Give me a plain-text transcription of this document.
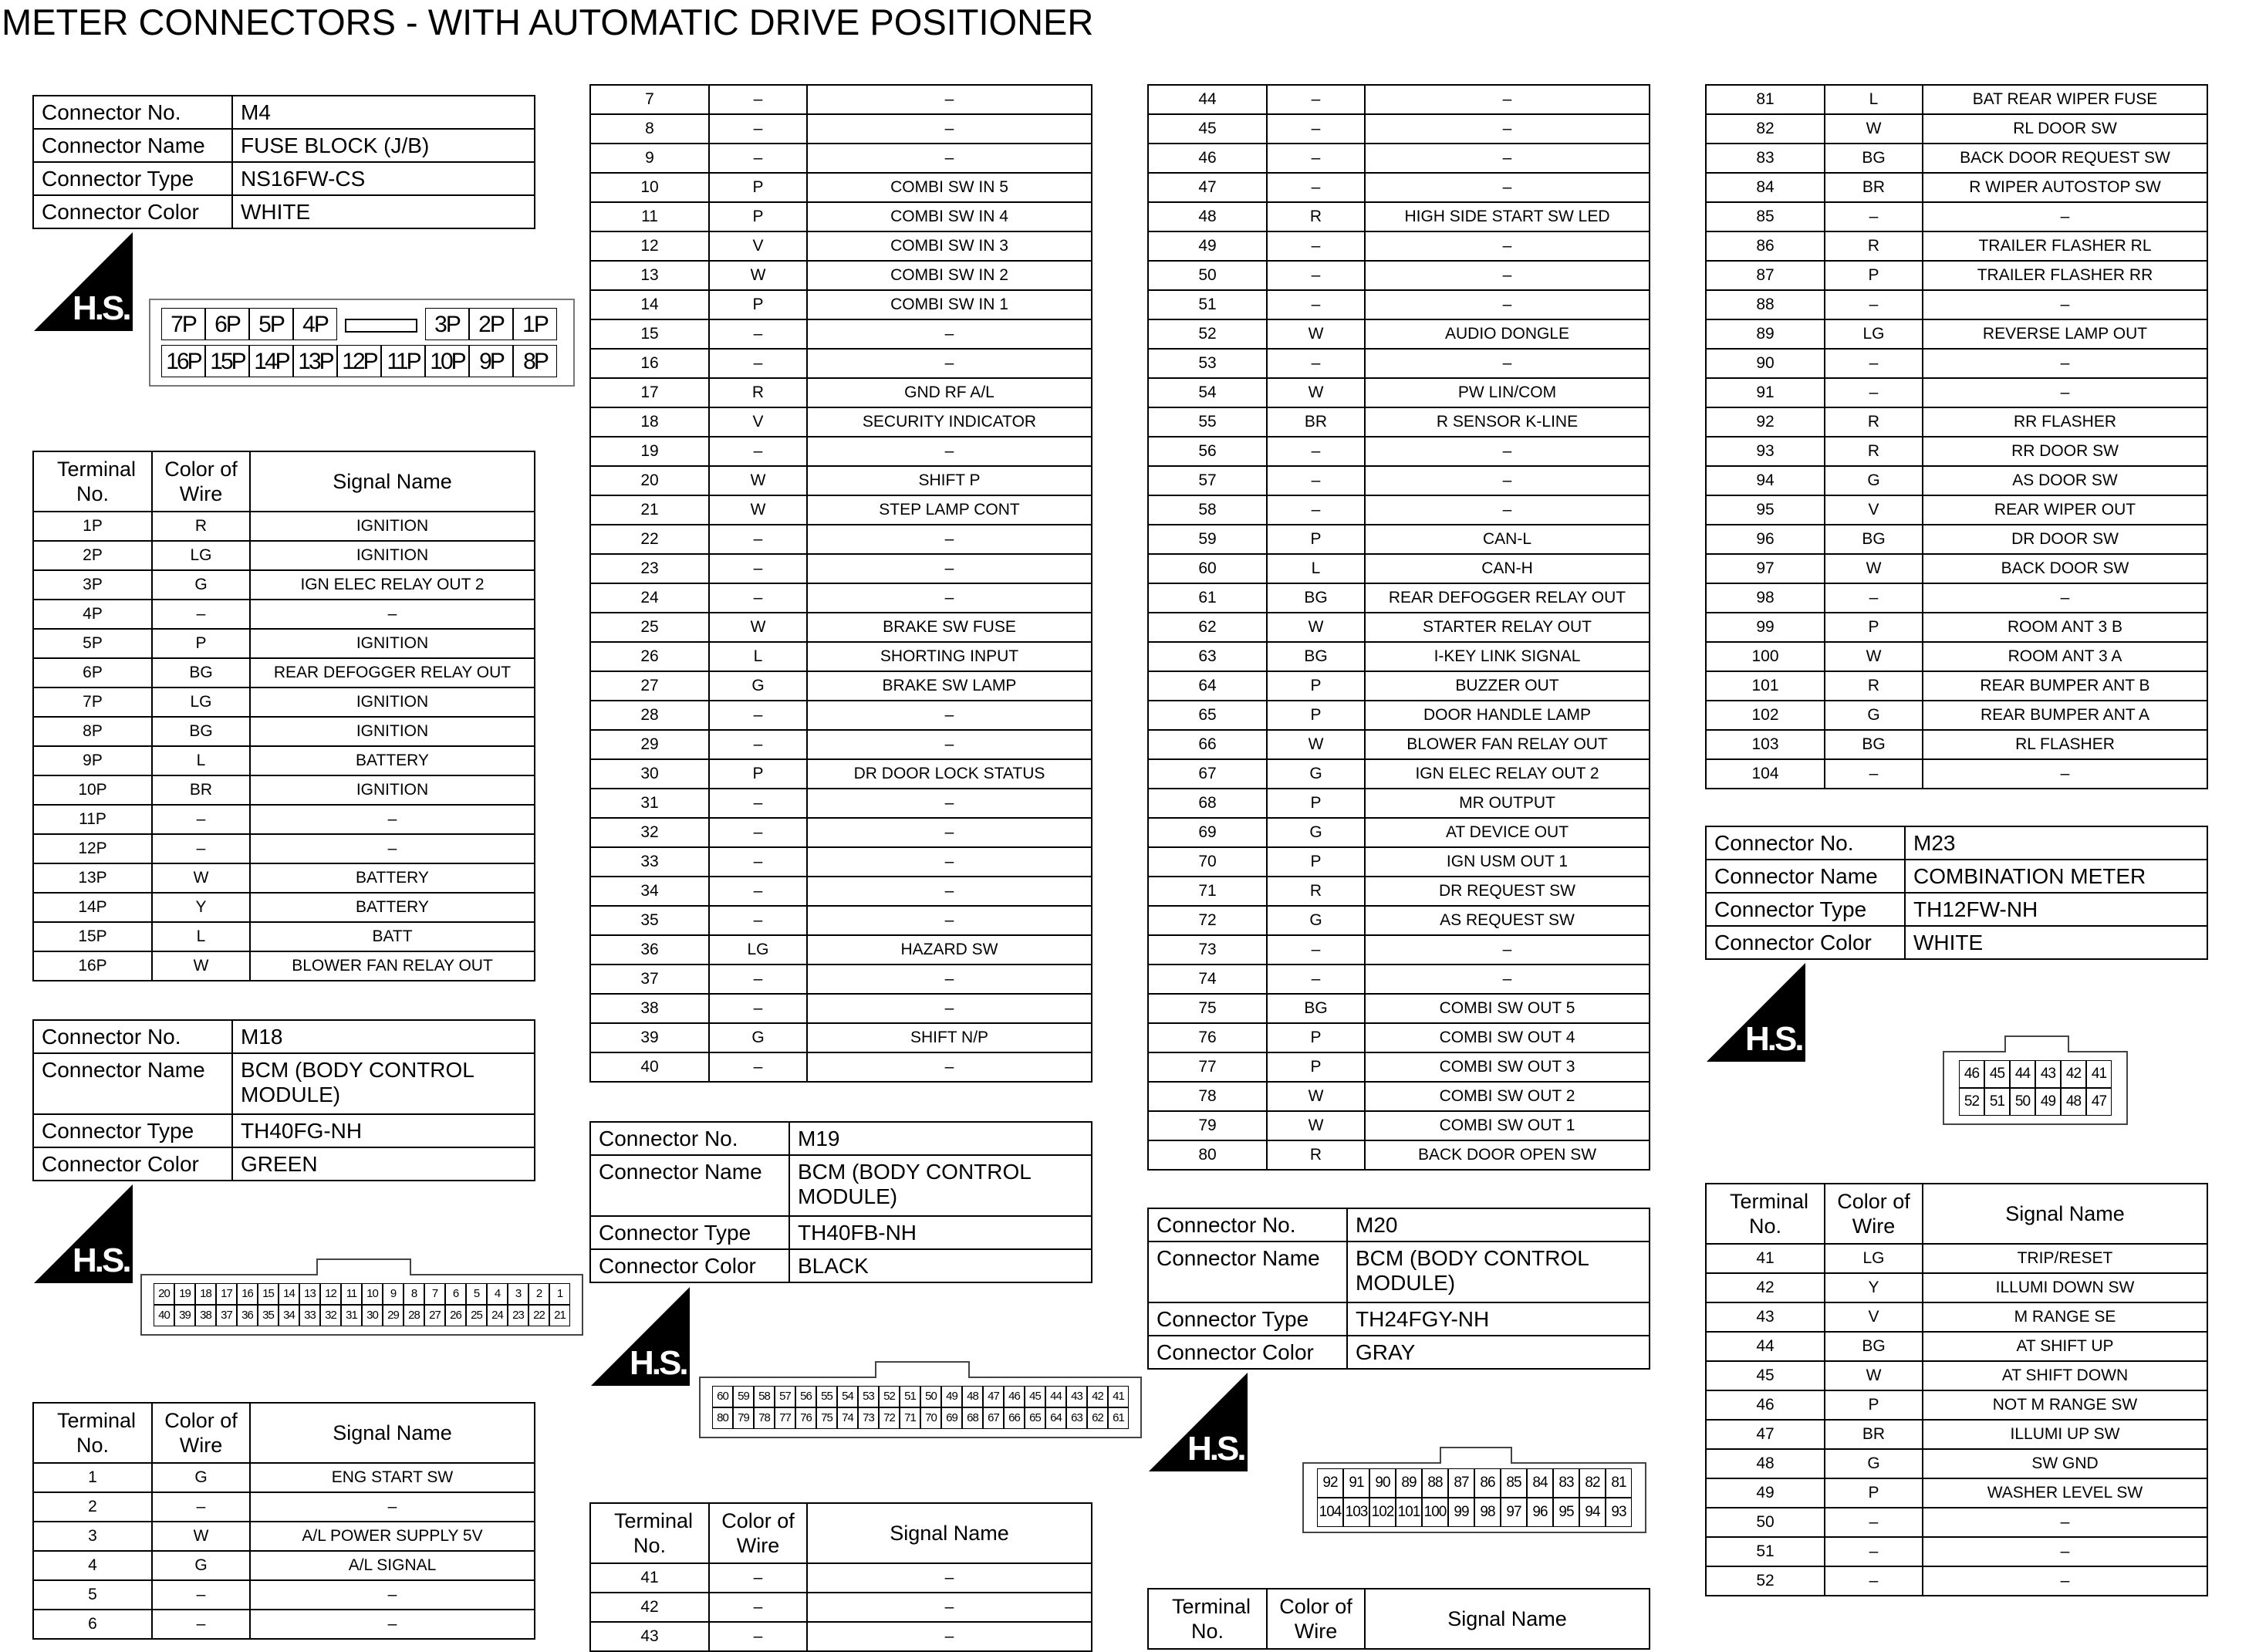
METER CONNECTORS - WITH AUTOMATIC DRIVE POSITIONER
Connector No.	M4
Connector Name	FUSE BLOCK (J/B)
Connector Type	NS16FW-CS
Connector Color	WHITE
H.S.	7P 6P 5P 4P	3P 2P 1P
16P 15P 14P 13P 12P 11P 10P 9P 8P
Terminal No.	Color of Wire	Signal Name
1P	R	IGNITION
2P	LG	IGNITION
3P	G	IGN ELEC RELAY OUT 2
4P	–	–
5P	P	IGNITION
6P	BG	REAR DEFOGGER RELAY OUT
7P	LG	IGNITION
8P	BG	IGNITION
9P	L	BATTERY
10P	BR	IGNITION
11P	–	–
12P	–	–
13P	W	BATTERY
14P	Y	BATTERY
15P	L	BATT
16P	W	BLOWER FAN RELAY OUT
Connector No.	M18
Connector Name	BCM (BODY CONTROL MODULE)
Connector Type	TH40FG-NH
Connector Color	GREEN
H.S.
20 19 18 17 16 15 14 13 12 11 10	9	8	7	6	5	4	3	2	1
40 39 38 37 36 35 34 33 32 31 30 29 28 27 26 25 24 23 22 21
Terminal No.	Color of Wire	Signal Name
1	G	ENG START SW
2	–	–
3	W	A/L POWER SUPPLY 5V
4	G	A/L SIGNAL
5	–	–
6	–	–
7	–	–
8	–	–
9	–	–
10	P	COMBI SW IN 5
11	P	COMBI SW IN 4
12	V	COMBI SW IN 3
13	W	COMBI SW IN 2
14	P	COMBI SW IN 1
15	–	–
16	–	–
17	R	GND RF A/L
18	V	SECURITY INDICATOR
19	–	–
20	W	SHIFT P
21	W	STEP LAMP CONT
22	–	–
23	–	–
24	–	–
25	W	BRAKE SW FUSE
26	L	SHORTING INPUT
27	G	BRAKE SW LAMP
28	–	–
29	–	–
30	P	DR DOOR LOCK STATUS
31	–	–
32	–	–
33	–	–
34	–	–
35	–	–
36	LG	HAZARD SW
37	–	–
38	–	–
39	G	SHIFT N/P
40	–	–
Connector No.	M19
Connector Name	BCM (BODY CONTROL MODULE)
Connector Type	TH40FB-NH
Connector Color	BLACK
H.S.
60 59 58 57 56 55 54 53 52 51 50 49 48 47 46 45 44 43 42 41
80 79 78 77 76 75 74 73 72 71 70 69 68 67 66 65 64 63 62 61
Terminal No.	Color of Wire	Signal Name
41	–	–
42	–	–
43	–	–
44	–	–
45	–	–
46	–	–
47	–	–
48	R	HIGH SIDE START SW LED
49	–	–
50	–	–
51	–	–
52	W	AUDIO DONGLE
53	–	–
54	W	PW LIN/COM
55	BR	R SENSOR K-LINE
56	–	–
57	–	–
58	–	–
59	P	CAN-L
60	L	CAN-H
61	BG	REAR DEFOGGER RELAY OUT
62	W	STARTER RELAY OUT
63	BG	I-KEY LINK SIGNAL
64	P	BUZZER OUT
65	P	DOOR HANDLE LAMP
66	W	BLOWER FAN RELAY OUT
67	G	IGN ELEC RELAY OUT 2
68	P	MR OUTPUT
69	G	AT DEVICE OUT
70	P	IGN USM OUT 1
71	R	DR REQUEST SW
72	G	AS REQUEST SW
73	–	–
74	–	–
75	BG	COMBI SW OUT 5
76	P	COMBI SW OUT 4
77	P	COMBI SW OUT 3
78	W	COMBI SW OUT 2
79	W	COMBI SW OUT 1
80	R	BACK DOOR OPEN SW
Connector No.	M20
Connector Name	BCM (BODY CONTROL MODULE)
Connector Type	TH24FGY-NH
Connector Color	GRAY
H.S.
92 91 90 89 88 87 86 85 84 83 82 81
104 103 102 101 100 99 98 97 96 95 94 93
Terminal No.	Color of Wire	Signal Name
81	L	BAT REAR WIPER FUSE
82	W	RL DOOR SW
83	BG	BACK DOOR REQUEST SW
84	BR	R WIPER AUTOSTOP SW
85	–	–
86	R	TRAILER FLASHER RL
87	P	TRAILER FLASHER RR
88	–	–
89	LG	REVERSE LAMP OUT
90	–	–
91	–	–
92	R	RR FLASHER
93	R	RR DOOR SW
94	G	AS DOOR SW
95	V	REAR WIPER OUT
96	BG	DR DOOR SW
97	W	BACK DOOR SW
98	–	–
99	P	ROOM ANT 3 B
100	W	ROOM ANT 3 A
101	R	REAR BUMPER ANT B
102	G	REAR BUMPER ANT A
103	BG	RL FLASHER
104	–	–
Connector No.	M23
Connector Name	COMBINATION METER
Connector Type	TH12FW-NH
Connector Color	WHITE
H.S.
46 45 44 43 42 41
52 51 50 49 48 47
Terminal No.	Color of Wire	Signal Name
41	LG	TRIP/RESET
42	Y	ILLUMI DOWN SW
43	V	M RANGE SE
44	BG	AT SHIFT UP
45	W	AT SHIFT DOWN
46	P	NOT M RANGE SW
47	BR	ILLUMI UP SW
48	G	SW GND
49	P	WASHER LEVEL SW
50	–	–
51	–	–
52	–	–
